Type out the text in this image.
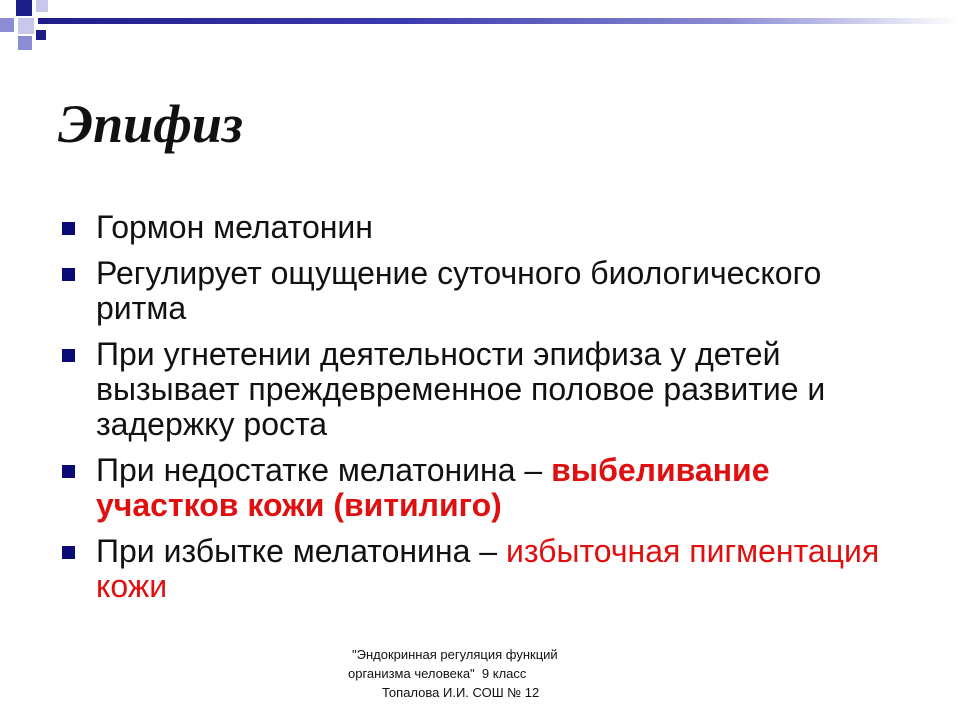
Эпифиз
Гормон мелатонин
Регулирует ощущение суточного биологического ритма
При угнетении деятельности эпифиза у детей вызывает преждевременное половое развитие и задержку роста
При недостатке мелатонина – выбеливание участков кожи (витилиго)
При избытке мелатонина – избыточная пигментация кожи
"Эндокринная регуляция функций
организма человека"  9 класс
Топалова И.И. СОШ № 12
